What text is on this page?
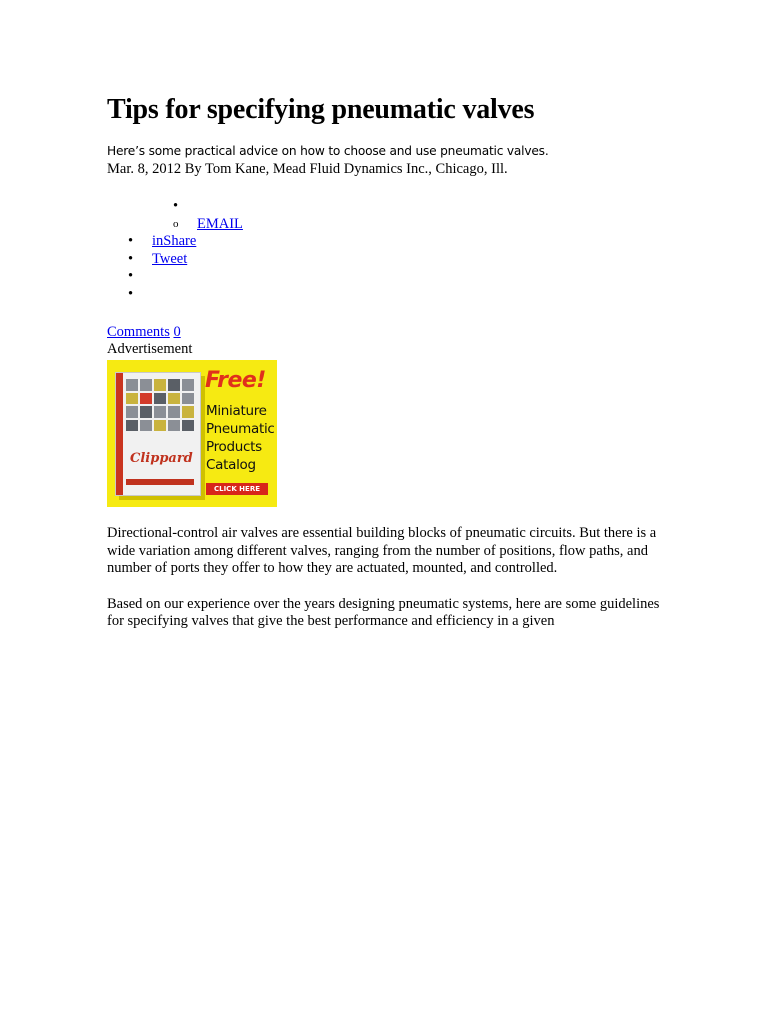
Tips for specifying pneumatic valves
Here’s some practical advice on how to choose and use pneumatic valves.
Mar. 8, 2012 By Tom Kane, Mead Fluid Dynamics Inc., Chicago, Ill.
•
o	EMAIL
•	inShare
•	Tweet
•
•
Comments 0
Advertisement
Clippard
Free!
Miniature
Pneumatic
Products
Catalog
CLICK HERE

Directional-control air valves are essential building blocks of pneumatic circuits. But there is a wide variation among different valves, ranging from the number of positions, flow paths, and number of ports they offer to how they are actuated, mounted, and controlled.

Based on our experience over the years designing pneumatic systems, here are some guidelines for specifying valves that give the best performance and efficiency in a given
